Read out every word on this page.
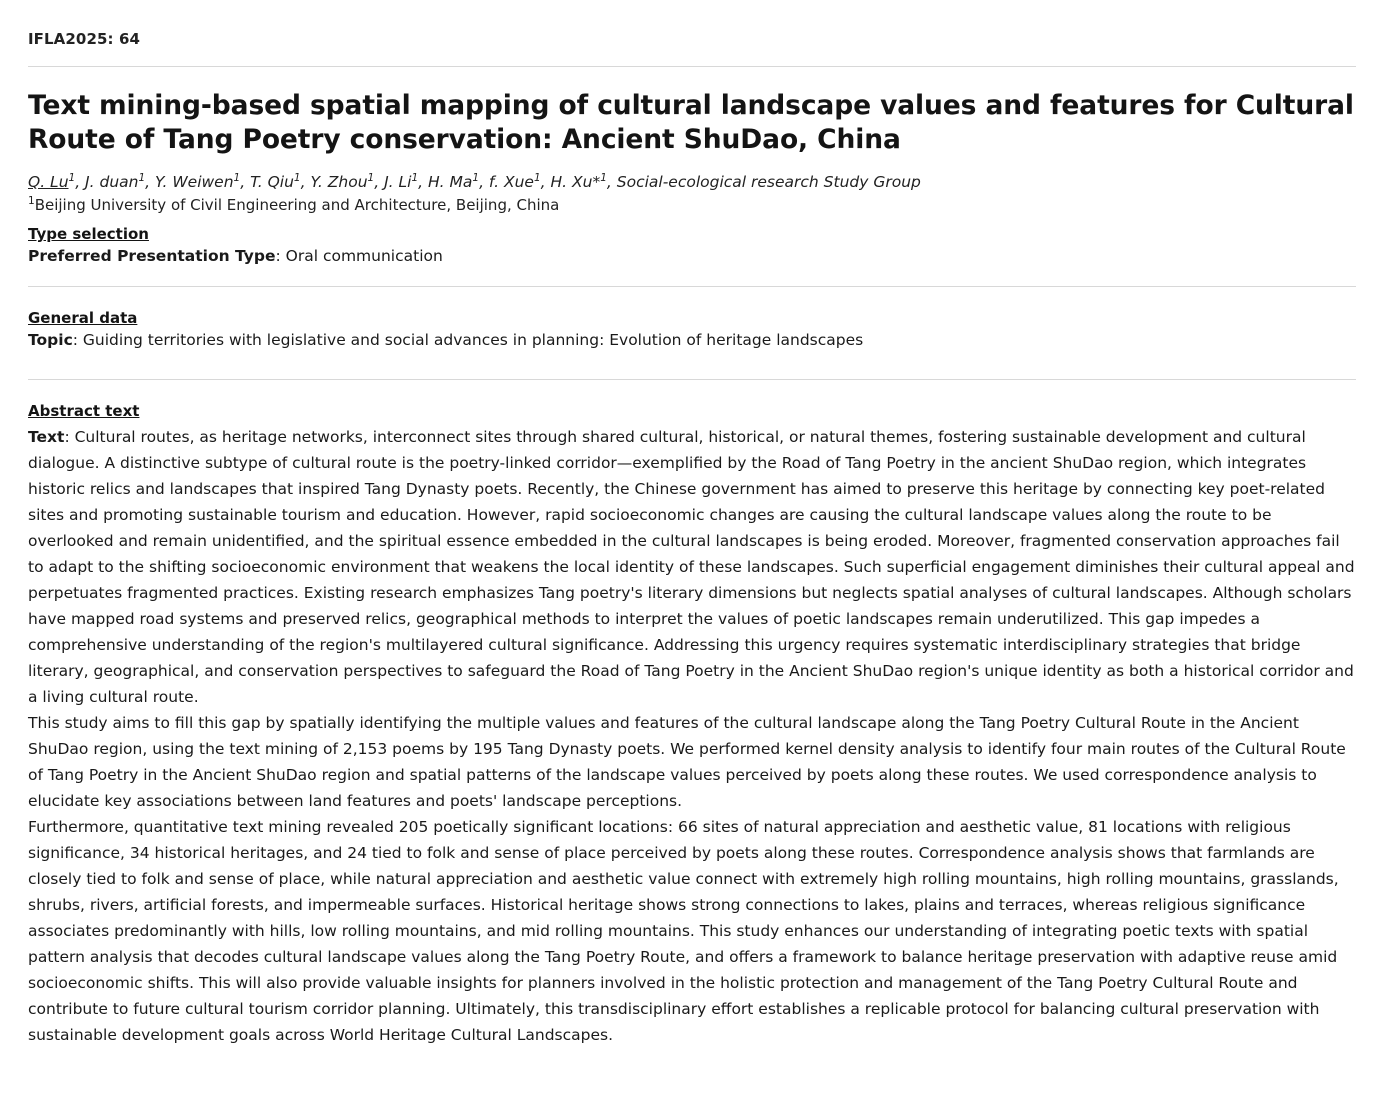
IFLA2025: 64
Text mining-based spatial mapping of cultural landscape values and features for Cultural Route of Tang Poetry conservation: Ancient ShuDao, China
Q. Lu$^1$, J. duan$^1$, Y. Weiwen$^1$, T. Qiu$^1$, Y. Zhou$^1$, J. Li$^1$, H. Ma$^1$, f. Xue$^1$, H. Xu*$^1$, Social-ecological research Study Group
$^1$Beijing University of Civil Engineering and Architecture, Beijing, China
Type selection

Preferred Presentation Type: Oral communication

General data

Topic: Guiding territories with legislative and social advances in planning: Evolution of heritage landscapes

Abstract text

Text: Cultural routes, as heritage networks, interconnect sites through shared cultural, historical, or natural themes, fostering sustainable development and cultural dialogue. A distinctive subtype of cultural route is the poetry-linked corridor—exemplified by the Road of Tang Poetry in the ancient ShuDao region, which integrates historic relics and landscapes that inspired Tang Dynasty poets. Recently, the Chinese government has aimed to preserve this heritage by connecting key poet-related sites and promoting sustainable tourism and education. However, rapid socioeconomic changes are causing the cultural landscape values along the route to be overlooked and remain unidentified, and the spiritual essence embedded in the cultural landscapes is being eroded. Moreover, fragmented conservation approaches fail to adapt to the shifting socioeconomic environment that weakens the local identity of these landscapes. Such superficial engagement diminishes their cultural appeal and perpetuates fragmented practices. Existing research emphasizes Tang poetry's literary dimensions but neglects spatial analyses of cultural landscapes. Although scholars have mapped road systems and preserved relics, geographical methods to interpret the values of poetic landscapes remain underutilized. This gap impedes a comprehensive understanding of the region's multilayered cultural significance. Addressing this urgency requires systematic interdisciplinary strategies that bridge literary, geographical, and conservation perspectives to safeguard the Road of Tang Poetry in the Ancient ShuDao region's unique identity as both a historical corridor and a living cultural route.

This study aims to fill this gap by spatially identifying the multiple values and features of the cultural landscape along the Tang Poetry Cultural Route in the Ancient ShuDao region, using the text mining of 2,153 poems by 195 Tang Dynasty poets. We performed kernel density analysis to identify four main routes of the Cultural Route of Tang Poetry in the Ancient ShuDao region and spatial patterns of the landscape values perceived by poets along these routes. We used correspondence analysis to elucidate key associations between land features and poets' landscape perceptions.

Furthermore, quantitative text mining revealed 205 poetically significant locations: 66 sites of natural appreciation and aesthetic value, 81 locations with religious significance, 34 historical heritages, and 24 tied to folk and sense of place perceived by poets along these routes. Correspondence analysis shows that farmlands are closely tied to folk and sense of place, while natural appreciation and aesthetic value connect with extremely high rolling mountains, high rolling mountains, grasslands, shrubs, rivers, artificial forests, and impermeable surfaces. Historical heritage shows strong connections to lakes, plains and terraces, whereas religious significance associates predominantly with hills, low rolling mountains, and mid rolling mountains. This study enhances our understanding of integrating poetic texts with spatial pattern analysis that decodes cultural landscape values along the Tang Poetry Route, and offers a framework to balance heritage preservation with adaptive reuse amid socioeconomic shifts. This will also provide valuable insights for planners involved in the holistic protection and management of the Tang Poetry Cultural Route and contribute to future cultural tourism corridor planning. Ultimately, this transdisciplinary effort establishes a replicable protocol for balancing cultural preservation with sustainable development goals across World Heritage Cultural Landscapes.
